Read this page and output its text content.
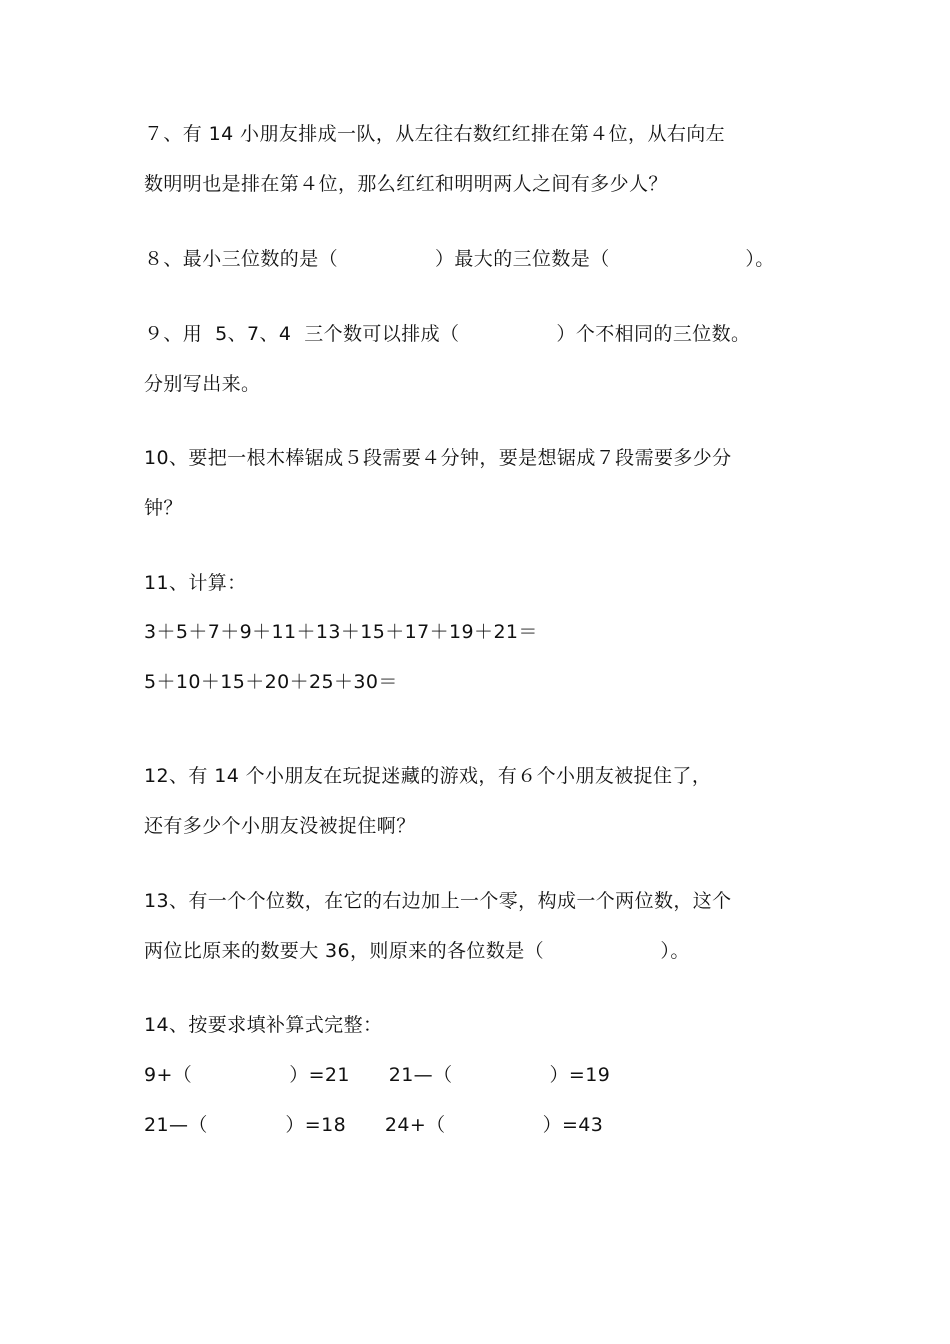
７、有 14 小朋友排成一队，从左往右数红红排在第４位，从右向左
数明明也是排在第４位，那么红红和明明两人之间有多少人？
８、最小三位数的是（　　　　　）最大的三位数是（　　　　　　　）。
９、用  5、7、4  三个数可以排成（　　　　　）个不相同的三位数。
分别写出来。
10、要把一根木棒锯成５段需要４分钟，要是想锯成７段需要多少分
钟？
11、计算：
3＋5＋7＋9＋11＋13＋15＋17＋19＋21＝
5＋10＋15＋20＋25＋30＝
12、有 14 个小朋友在玩捉迷藏的游戏，有６个小朋友被捉住了，
还有多少个小朋友没被捉住啊？
13、有一个个位数，在它的右边加上一个零，构成一个两位数，这个
两位比原来的数要大 36，则原来的各位数是（　　　　　　）。
14、按要求填补算式完整：
9+（　　　　　）=21　　21—（　　　　　）=19
21—（　　　　）=18　　24+（　　　　　）=43
